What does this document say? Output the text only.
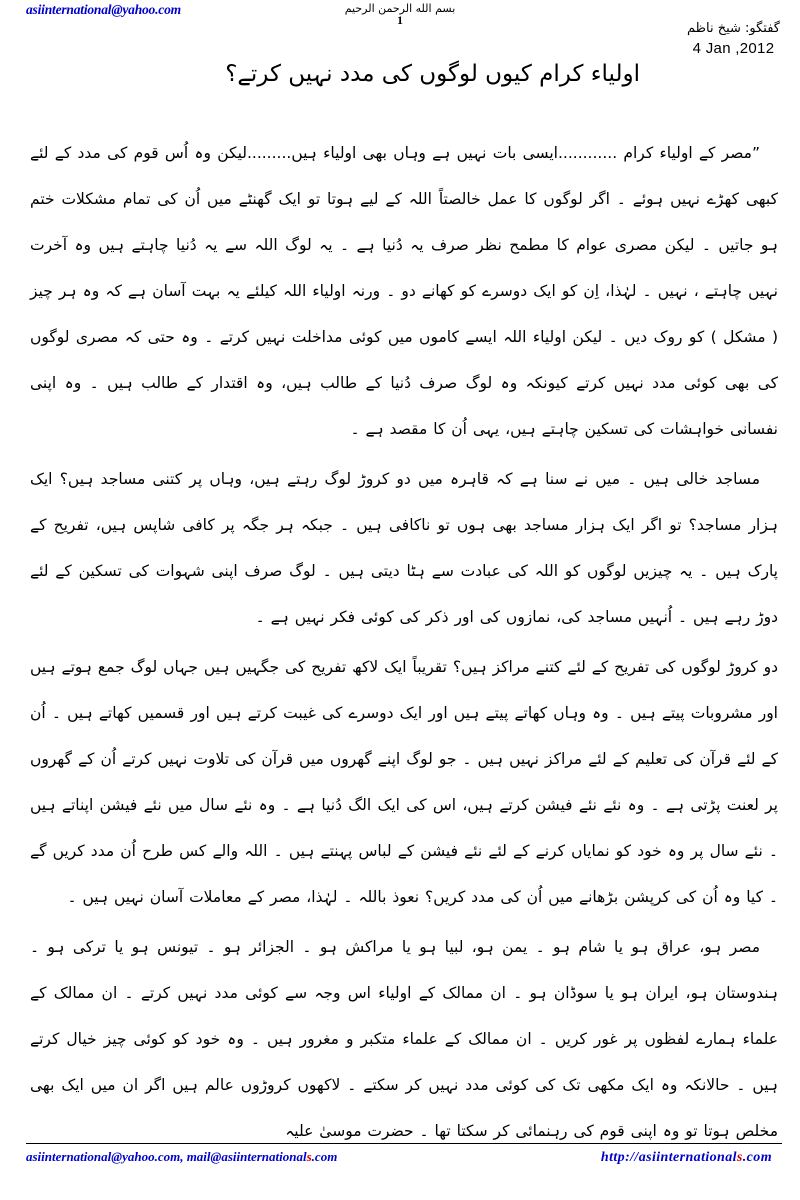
asiinternational@yahoo.com	بسم الله الرحمن الرحیم
1
گفتگو: شیخ ناظم
4 Jan ,2012
اولیاء کرام کیوں لوگوں کی مدد نہیں کرتے؟

”مصر کے اولیاء کرام ............ایسی بات نہیں ہے وہاں بھی اولیاء ہیں.........لیکن وہ اُس قوم کی مدد کے لئے کبھی کھڑے نہیں ہوئے ۔ اگر لوگوں کا عمل خالصتاً اللہ کے لیے ہوتا تو ایک گھنٹے میں اُن کی تمام مشکلات ختم ہو جاتیں ۔ لیکن مصری عوام کا مطمح نظر صرف یہ دُنیا ہے ۔ یہ لوگ اللہ سے یہ دُنیا چاہتے ہیں وہ آخرت نہیں چاہتے ، نہیں ۔ لہٰذا، اِن کو ایک دوسرے کو کھانے دو ۔ ورنہ اولیاء اللہ کیلئے یہ بہت آسان ہے کہ وہ ہر چیز ( مشکل ) کو روک دیں ۔ لیکن اولیاء اللہ ایسے کاموں میں کوئی مداخلت نہیں کرتے ۔ وہ حتی کہ مصری لوگوں کی بھی کوئی مدد نہیں کرتے کیونکہ وہ لوگ صرف دُنیا کے طالب ہیں، وہ اقتدار کے طالب ہیں ۔ وہ اپنی نفسانی خواہشات کی تسکین چاہتے ہیں، یہی اُن کا مقصد ہے ۔

مساجد خالی ہیں ۔ میں نے سنا ہے کہ قاہرہ میں دو کروڑ لوگ رہتے ہیں، وہاں پر کتنی مساجد ہیں؟ ایک ہزار مساجد؟ تو اگر ایک ہزار مساجد بھی ہوں تو ناکافی ہیں ۔ جبکہ ہر جگہ پر کافی شاپس ہیں، تفریح کے پارک ہیں ۔ یہ چیزیں لوگوں کو اللہ کی عبادت سے ہٹا دیتی ہیں ۔ لوگ صرف اپنی شہوات کی تسکین کے لئے دوڑ رہے ہیں ۔ اُنہیں مساجد کی، نمازوں کی اور ذکر کی کوئی فکر نہیں ہے ۔

دو کروڑ لوگوں کی تفریح کے لئے کتنے مراکز ہیں؟ تقریباً ایک لاکھ تفریح کی جگہیں ہیں جہاں لوگ جمع ہوتے ہیں اور مشروبات پیتے ہیں ۔ وہ وہاں کھاتے پیتے ہیں اور ایک دوسرے کی غیبت کرتے ہیں اور قسمیں کھاتے ہیں ۔ اُن کے لئے قرآن کی تعلیم کے لئے مراکز نہیں ہیں ۔ جو لوگ اپنے گھروں میں قرآن کی تلاوت نہیں کرتے اُن کے گھروں پر لعنت پڑتی ہے ۔ وہ نئے نئے فیشن کرتے ہیں، اس کی ایک الگ دُنیا ہے ۔ وہ نئے سال میں نئے فیشن اپناتے ہیں ۔ نئے سال پر وہ خود کو نمایاں کرنے کے لئے نئے فیشن کے لباس پہنتے ہیں ۔ اللہ والے کس طرح اُن مدد کریں گے ۔ کیا وہ اُن کی کرپشن بڑھانے میں اُن کی مدد کریں؟ نعوذ باللہ ۔ لہٰذا، مصر کے معاملات آسان نہیں ہیں ۔

مصر ہو، عراق ہو یا شام ہو ۔ یمن ہو، لبیا ہو یا مراکش ہو ۔ الجزائر ہو ۔ تیونس ہو یا ترکی ہو ۔ ہندوستان ہو، ایران ہو یا سوڈان ہو ۔ ان ممالک کے اولیاء اس وجہ سے کوئی مدد نہیں کرتے ۔ ان ممالک کے علماء ہمارے لفظوں پر غور کریں ۔ ان ممالک کے علماء متکبر و مغرور ہیں ۔ وہ خود کو کوئی چیز خیال کرتے ہیں ۔ حالانکہ وہ ایک مکھی تک کی کوئی مدد نہیں کر سکتے ۔ لاکھوں کروڑوں عالم ہیں اگر ان میں ایک بھی مخلص ہوتا تو وہ اپنی قوم کی رہنمائی کر سکتا تھا ۔ حضرت موسیٰ علیہ

asiinternational@yahoo.com, mail@asiinternationals.com	http://asiinternationals.com
